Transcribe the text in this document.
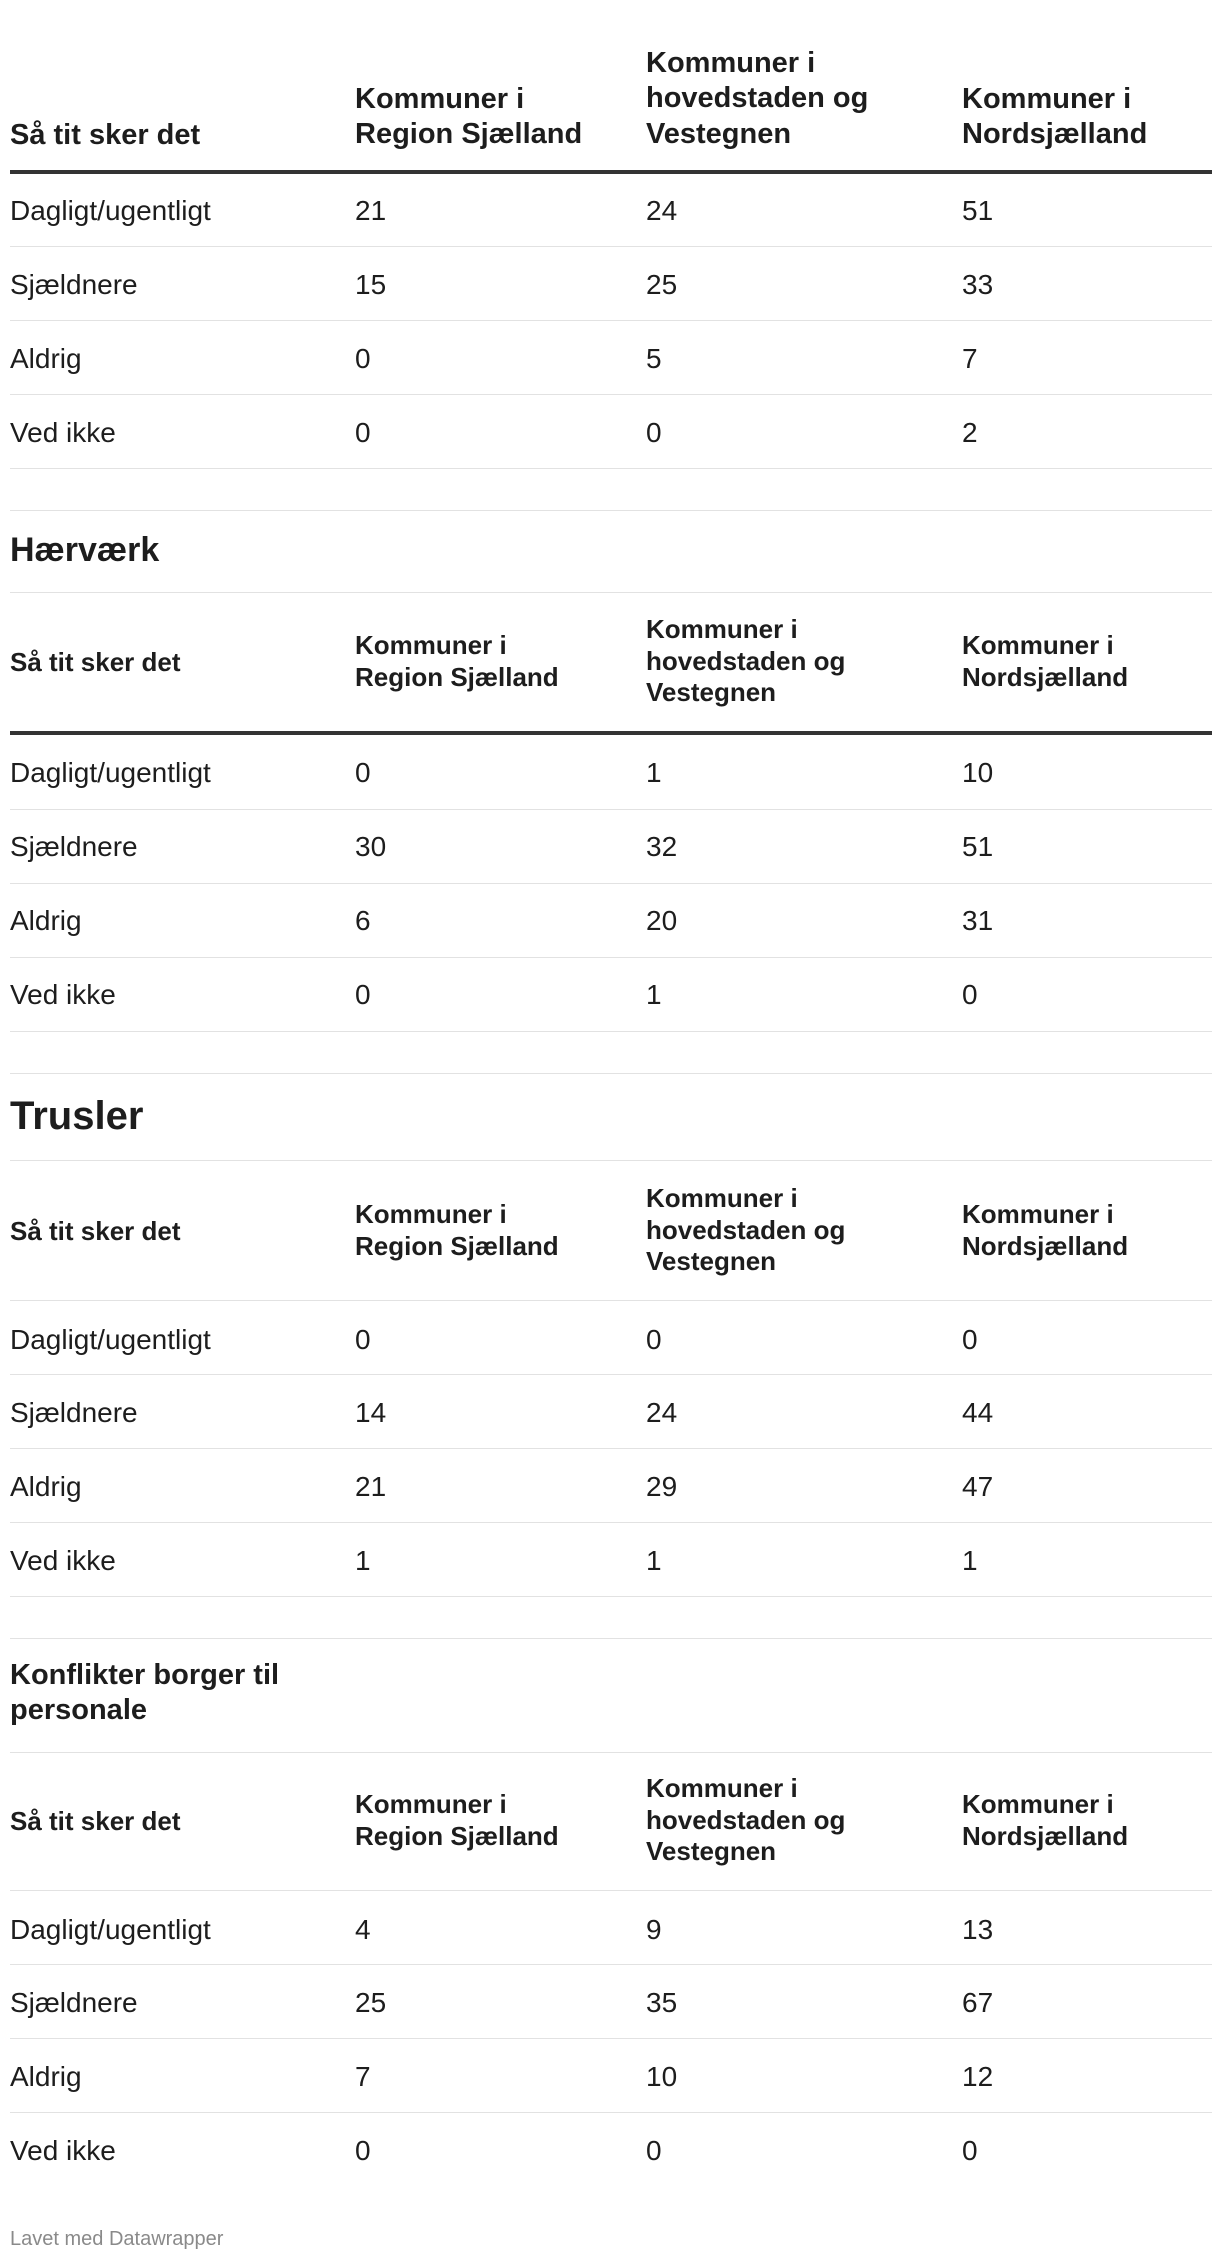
Så tit sker det
Kommuner i
Region Sjælland
Kommuner i
hovedstaden og
Vestegnen
Kommuner i
Nordsjælland
Dagligt/ugentligt	21	24	51
Sjældnere	15	25	33
Aldrig	0	5	7
Ved ikke	0	0	2
Hærværk
Så tit sker det
Kommuner i
Region Sjælland
Kommuner i
hovedstaden og
Vestegnen
Kommuner i
Nordsjælland
Dagligt/ugentligt	0	1	10
Sjældnere	30	32	51
Aldrig	6	20	31
Ved ikke	0	1	0
Trusler
Så tit sker det
Kommuner i
Region Sjælland
Kommuner i
hovedstaden og
Vestegnen
Kommuner i
Nordsjælland
Dagligt/ugentligt	0	0	0
Sjældnere	14	24	44
Aldrig	21	29	47
Ved ikke	1	1	1
Konflikter borger til
personale
Så tit sker det
Kommuner i
Region Sjælland
Kommuner i
hovedstaden og
Vestegnen
Kommuner i
Nordsjælland
Dagligt/ugentligt	4	9	13
Sjældnere	25	35	67
Aldrig	7	10	12
Ved ikke	0	0	0
Lavet med Datawrapper
